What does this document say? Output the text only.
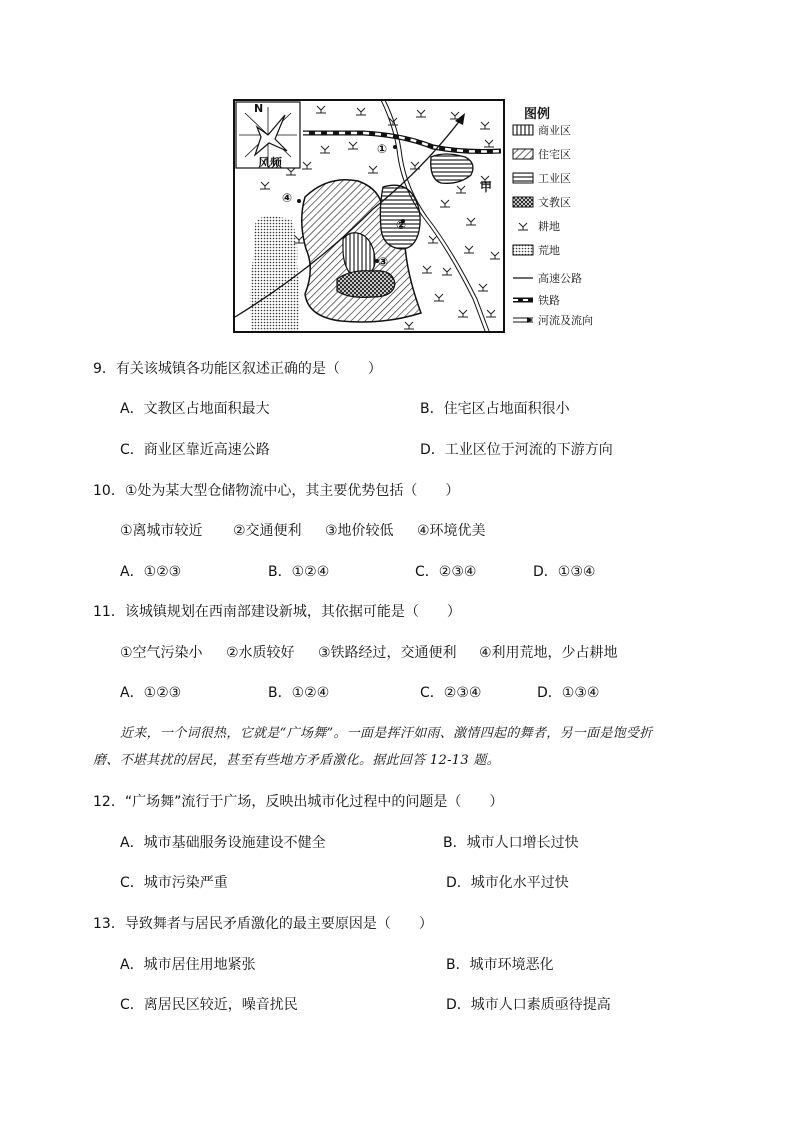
N
风频
甲
①
②
③
④
图例
商业区
住宅区
工业区
文教区
耕地
荒地
高速公路
铁路
河流及流向
9．有关该城镇各功能区叙述正确的是（　　）
A．文教区占地面积最大	B．住宅区占地面积很小
C．商业区靠近高速公路	D．工业区位于河流的下游方向
10．①处为某大型仓储物流中心，其主要优势包括（　　）
①离城市较近 ②交通便利 ③地价较低 ④环境优美
A．①②③	B．①②④	C．②③④	D．①③④
11．该城镇规划在西南部建设新城，其依据可能是（　　）
①空气污染小 ②水质较好 ③铁路经过，交通便利 ④利用荒地，少占耕地
A．①②③	B．①②④	C．②③④	D．①③④
近来，一个词很热，它就是“广场舞”。一面是挥汗如雨、激情四起的舞者，另一面是饱受折
磨、不堪其扰的居民，甚至有些地方矛盾激化。据此回答 12-13 题。
12．“广场舞”流行于广场，反映出城市化过程中的问题是（　　）
A．城市基础服务设施建设不健全	B．城市人口增长过快
C．城市污染严重	D．城市化水平过快
13．导致舞者与居民矛盾激化的最主要原因是（　　）
A．城市居住用地紧张	B．城市环境恶化
C．离居民区较近，噪音扰民	D．城市人口素质亟待提高
